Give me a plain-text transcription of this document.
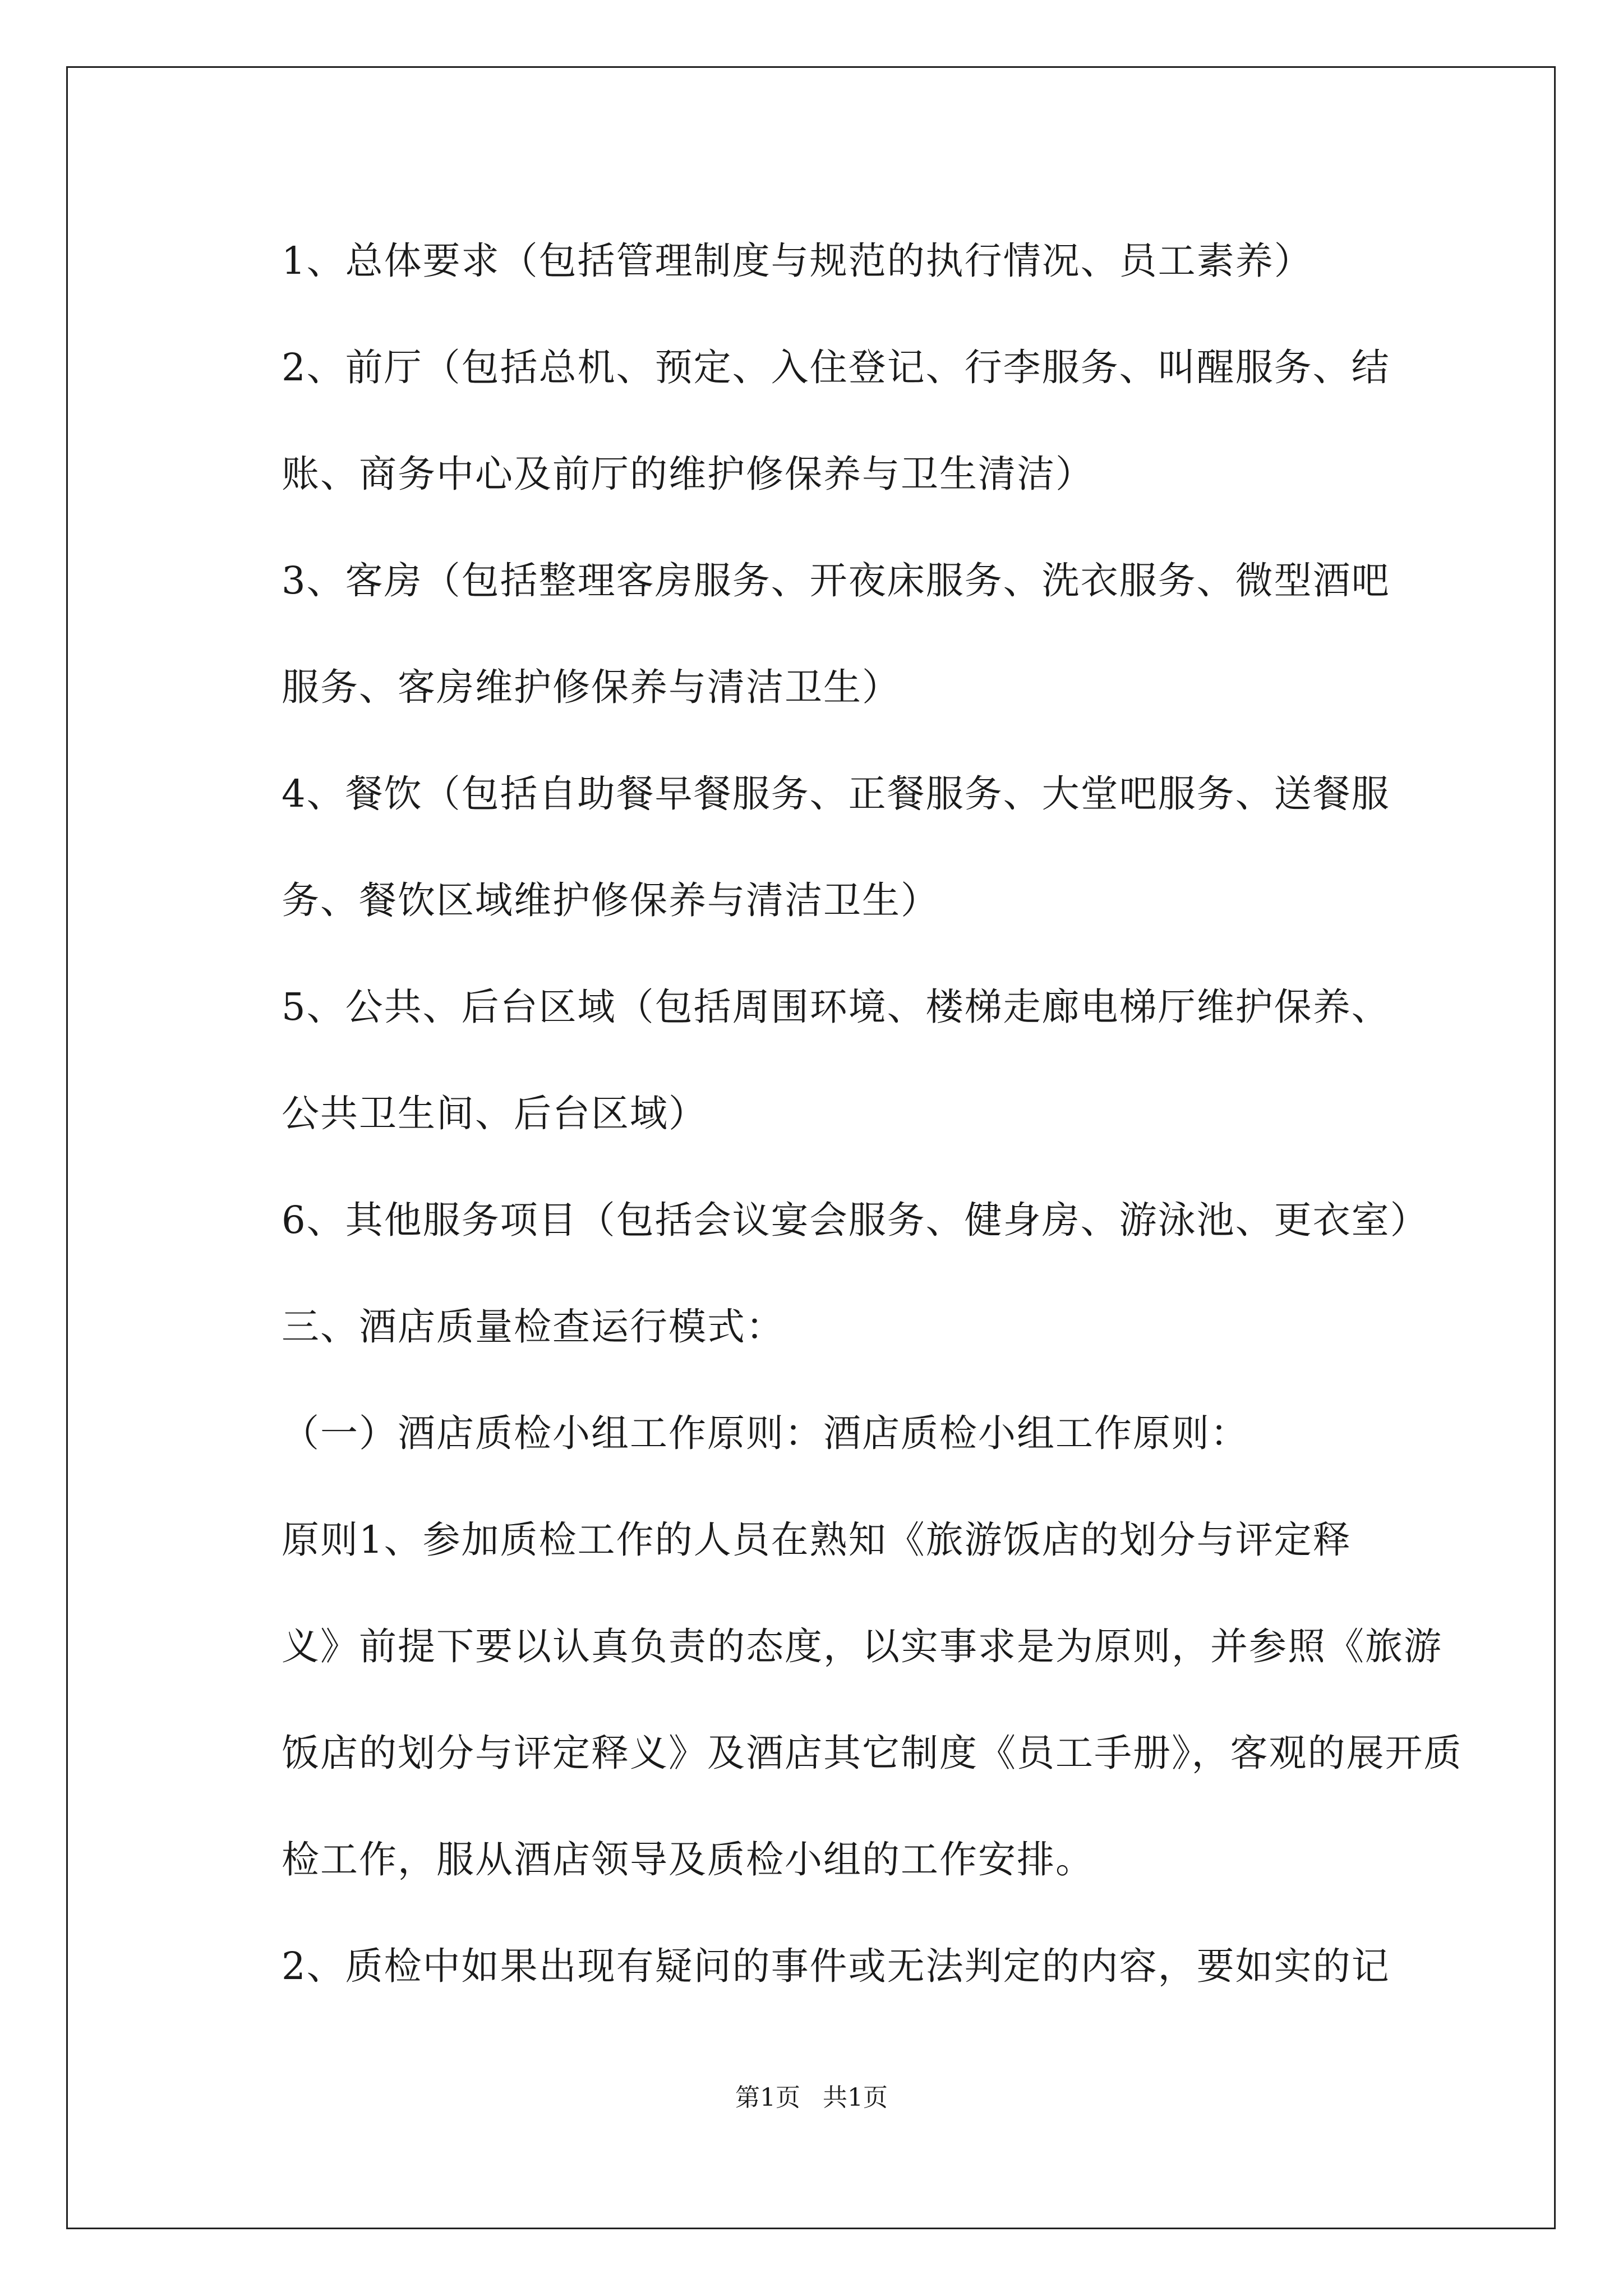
1、总体要求（包括管理制度与规范的执行情况、员工素养）

2、前厅（包括总机、预定、入住登记、行李服务、叫醒服务、结
账、商务中心及前厅的维护修保养与卫生清洁）

3、客房（包括整理客房服务、开夜床服务、洗衣服务、微型酒吧
服务、客房维护修保养与清洁卫生）

4、餐饮（包括自助餐早餐服务、正餐服务、大堂吧服务、送餐服
务、餐饮区域维护修保养与清洁卫生）

5、公共、后台区域（包括周围环境、楼梯走廊电梯厅维护保养、
公共卫生间、后台区域）

6、其他服务项目（包括会议宴会服务、健身房、游泳池、更衣室）

三、酒店质量检查运行模式：

（一）酒店质检小组工作原则：酒店质检小组工作原则：

原则1、参加质检工作的人员在熟知《旅游饭店的划分与评定释
义》前提下要以认真负责的态度，以实事求是为原则，并参照《旅游
饭店的划分与评定释义》及酒店其它制度《员工手册》，客观的展开质
检工作，服从酒店领导及质检小组的工作安排。

2、质检中如果出现有疑问的事件或无法判定的内容，要如实的记

第1页 共1页
